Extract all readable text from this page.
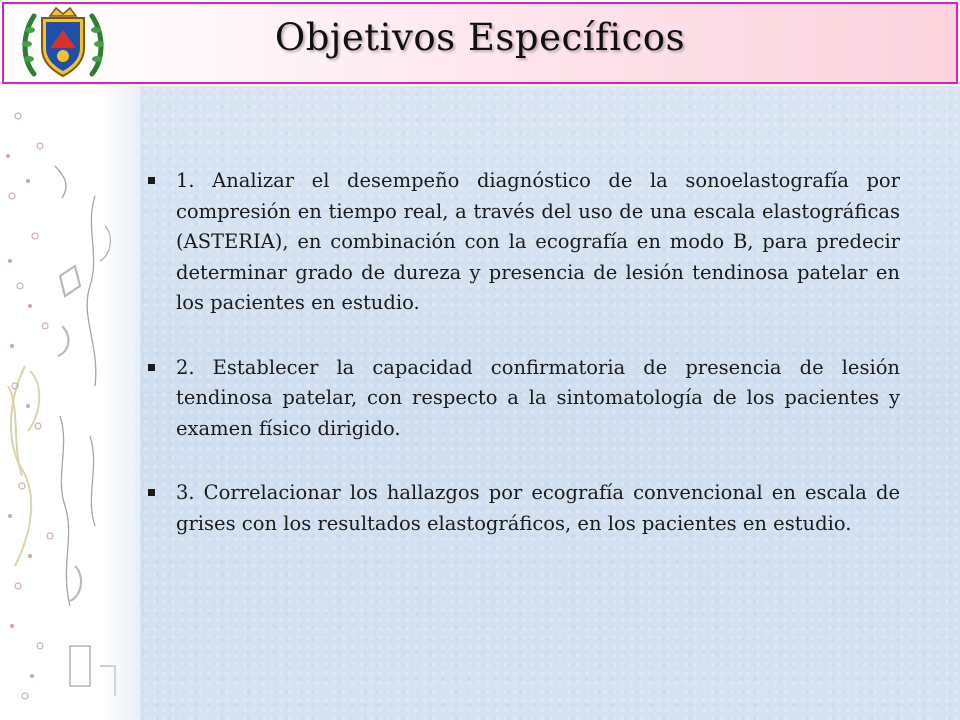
Objetivos Específicos
1. Analizar el desempeño diagnóstico de la sonoelastografía por compresión en tiempo real, a través del uso de una escala elastográficas (ASTERIA), en combinación con la ecografía en modo B, para predecir determinar grado de dureza y presencia de lesión tendinosa patelar en los pacientes en estudio.
2. Establecer la capacidad confirmatoria de presencia de lesión tendinosa patelar, con respecto a la sintomatología de los pacientes y examen físico dirigido.
3. Correlacionar los hallazgos por ecografía convencional en escala de grises con los resultados elastográficos, en los pacientes en estudio.
